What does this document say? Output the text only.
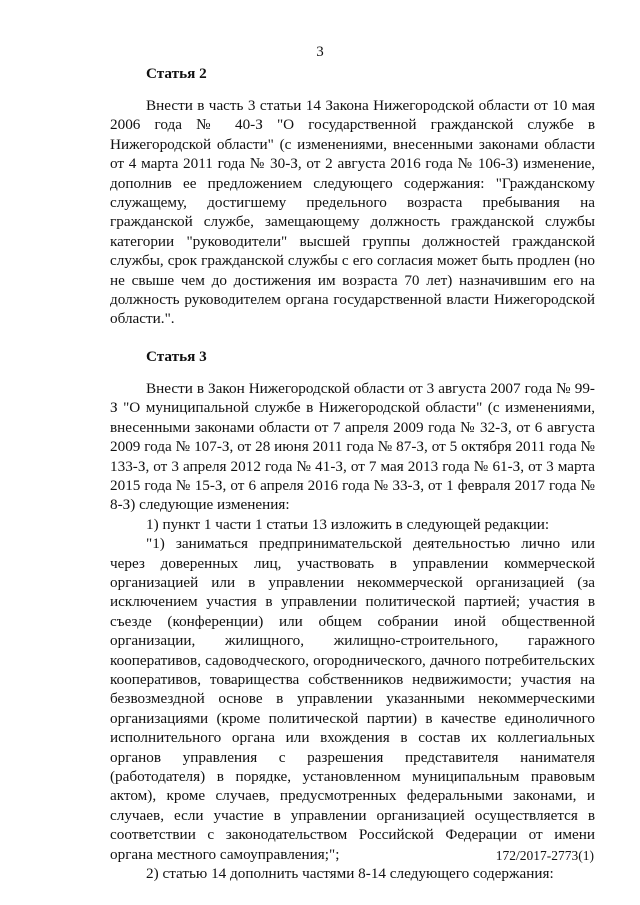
3
Статья 2

Внести в часть 3 статьи 14 Закона Нижегородской области от 10 мая 2006 года № 40-З "О государственной гражданской службе в Нижегородской области" (с изменениями, внесенными законами области от 4 марта 2011 года № 30-З, от 2 августа 2016 года № 106-З) изменение, дополнив ее предложением следующего содержания: "Гражданскому служащему, достигшему предельного возраста пребывания на гражданской службе, замещающему должность гражданской службы категории "руководители" высшей группы должностей гражданской службы, срок гражданской службы с его согласия может быть продлен (но не свыше чем до достижения им возраста 70 лет) назначившим его на должность руководителем органа государственной власти Нижегородской области.".

Статья 3

Внести в Закон Нижегородской области от 3 августа 2007 года № 99-З "О муниципальной службе в Нижегородской области" (с изменениями, внесенными законами области от 7 апреля 2009 года № 32-З, от 6 августа 2009 года № 107-З, от 28 июня 2011 года № 87-З, от 5 октября 2011 года № 133-З, от 3 апреля 2012 года № 41-З, от 7 мая 2013 года № 61-З, от 3 марта 2015 года № 15-З, от 6 апреля 2016 года № 33-З, от 1 февраля 2017 года № 8-З) следующие изменения:

1) пункт 1 части 1 статьи 13 изложить в следующей редакции:

"1) заниматься предпринимательской деятельностью лично или через доверенных лиц, участвовать в управлении коммерческой организацией или в управлении некоммерческой организацией (за исключением участия в управлении политической партией; участия в съезде (конференции) или общем собрании иной общественной организации, жилищного, жилищно-строительного, гаражного кооперативов, садоводческого, огороднического, дачного потребительских кооперативов, товарищества собственников недвижимости; участия на безвозмездной основе в управлении указанными некоммерческими организациями (кроме политической партии) в качестве единоличного исполнительного органа или вхождения в состав их коллегиальных органов управления с разрешения представителя нанимателя (работодателя) в порядке, установленном муниципальным правовым актом), кроме случаев, предусмотренных федеральными законами, и случаев, если участие в управлении организацией осуществляется в соответствии с законодательством Российской Федерации от имени органа местного самоуправления;";

2) статью 14 дополнить частями 8-14 следующего содержания:

172/2017-2773(1)
